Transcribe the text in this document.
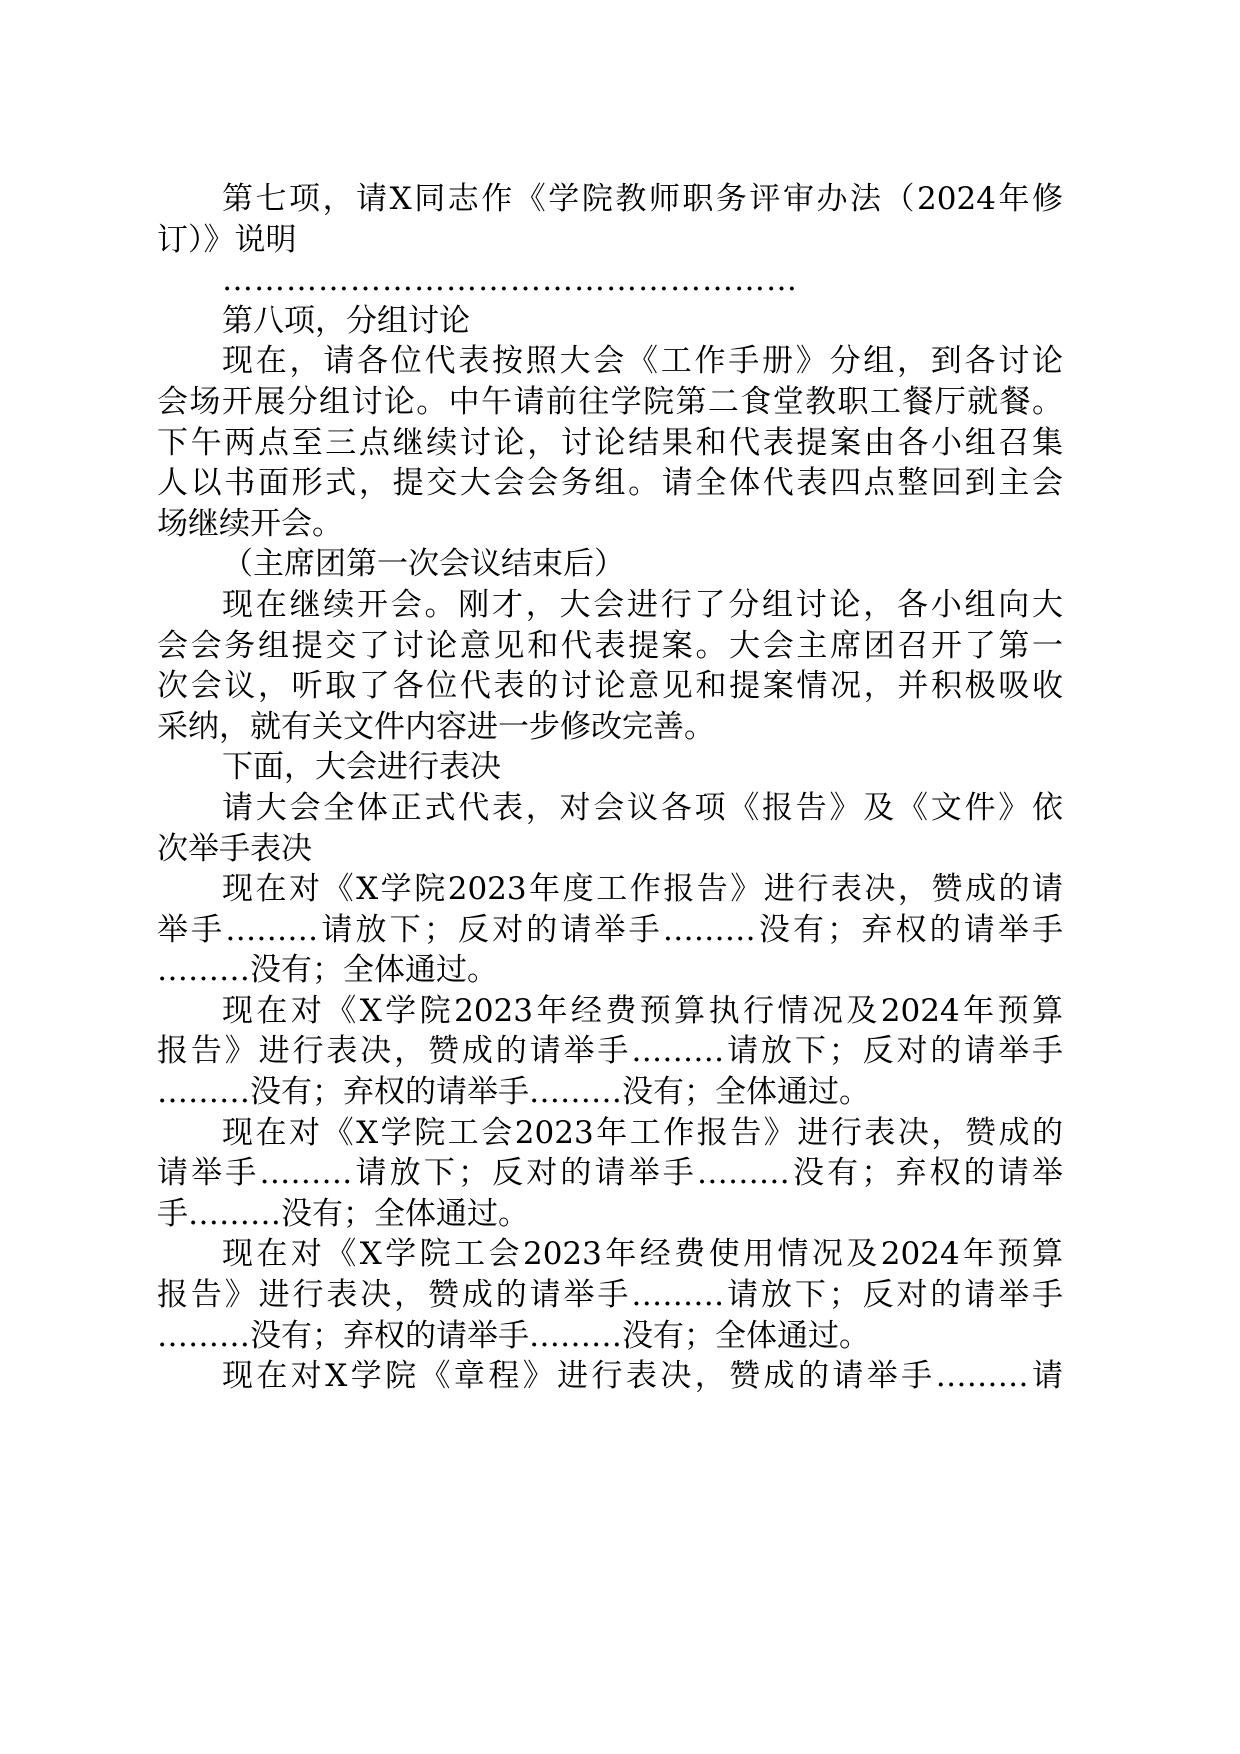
第七项，请X同志作《学院教师职务评审办法（2024年修
订）》说明
………………………………………………
第八项，分组讨论
现在，请各位代表按照大会《工作手册》分组，到各讨论
会场开展分组讨论。中午请前往学院第二食堂教职工餐厅就餐。
下午两点至三点继续讨论，讨论结果和代表提案由各小组召集
人以书面形式，提交大会会务组。请全体代表四点整回到主会
场继续开会。
（主席团第一次会议结束后）
现在继续开会。刚才，大会进行了分组讨论，各小组向大
会会务组提交了讨论意见和代表提案。大会主席团召开了第一
次会议，听取了各位代表的讨论意见和提案情况，并积极吸收
采纳，就有关文件内容进一步修改完善。
下面，大会进行表决
请大会全体正式代表，对会议各项《报告》及《文件》依
次举手表决
现在对《X学院2023年度工作报告》进行表决，赞成的请
举手………请放下；反对的请举手………没有；弃权的请举手
………没有；全体通过。
现在对《X学院2023年经费预算执行情况及2024年预算
报告》进行表决，赞成的请举手………请放下；反对的请举手
………没有；弃权的请举手………没有；全体通过。
现在对《X学院工会2023年工作报告》进行表决，赞成的
请举手………请放下；反对的请举手………没有；弃权的请举
手………没有；全体通过。
现在对《X学院工会2023年经费使用情况及2024年预算
报告》进行表决，赞成的请举手………请放下；反对的请举手
………没有；弃权的请举手………没有；全体通过。
现在对X学院《章程》进行表决，赞成的请举手………请
